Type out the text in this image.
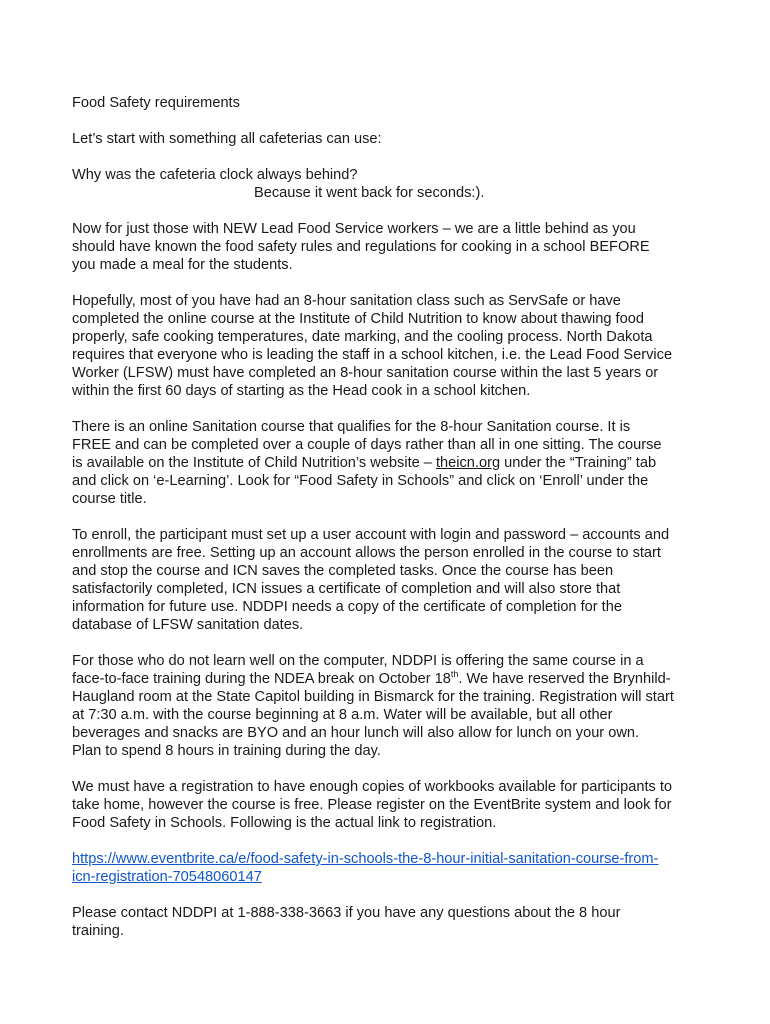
Food Safety requirements

Let’s start with something all cafeterias can use:

Why was the cafeteria clock always behind?
Because it went back for seconds:).

Now for just those with NEW Lead Food Service workers – we are a little behind as you
should have known the food safety rules and regulations for cooking in a school BEFORE
you made a meal for the students.

Hopefully, most of you have had an 8-hour sanitation class such as ServSafe or have
completed the online course at the Institute of Child Nutrition to know about thawing food
properly, safe cooking temperatures, date marking, and the cooling process. North Dakota
requires that everyone who is leading the staff in a school kitchen, i.e. the Lead Food Service
Worker (LFSW) must have completed an 8-hour sanitation course within the last 5 years or
within the first 60 days of starting as the Head cook in a school kitchen.

There is an online Sanitation course that qualifies for the 8-hour Sanitation course. It is
FREE and can be completed over a couple of days rather than all in one sitting. The course
is available on the Institute of Child Nutrition’s website – theicn.org under the “Training” tab
and click on ‘e-Learning’. Look for “Food Safety in Schools” and click on ‘Enroll’ under the
course title.

To enroll, the participant must set up a user account with login and password – accounts and
enrollments are free. Setting up an account allows the person enrolled in the course to start
and stop the course and ICN saves the completed tasks. Once the course has been
satisfactorily completed, ICN issues a certificate of completion and will also store that
information for future use. NDDPI needs a copy of the certificate of completion for the
database of LFSW sanitation dates.

For those who do not learn well on the computer, NDDPI is offering the same course in a
face-to-face training during the NDEA break on October 18th. We have reserved the Brynhild-
Haugland room at the State Capitol building in Bismarck for the training. Registration will start
at 7:30 a.m. with the course beginning at 8 a.m. Water will be available, but all other
beverages and snacks are BYO and an hour lunch will also allow for lunch on your own.
Plan to spend 8 hours in training during the day.

We must have a registration to have enough copies of workbooks available for participants to
take home, however the course is free. Please register on the EventBrite system and look for
Food Safety in Schools. Following is the actual link to registration.

https://www.eventbrite.ca/e/food-safety-in-schools-the-8-hour-initial-sanitation-course-from-
icn-registration-70548060147

Please contact NDDPI at 1-888-338-3663 if you have any questions about the 8 hour
training.
